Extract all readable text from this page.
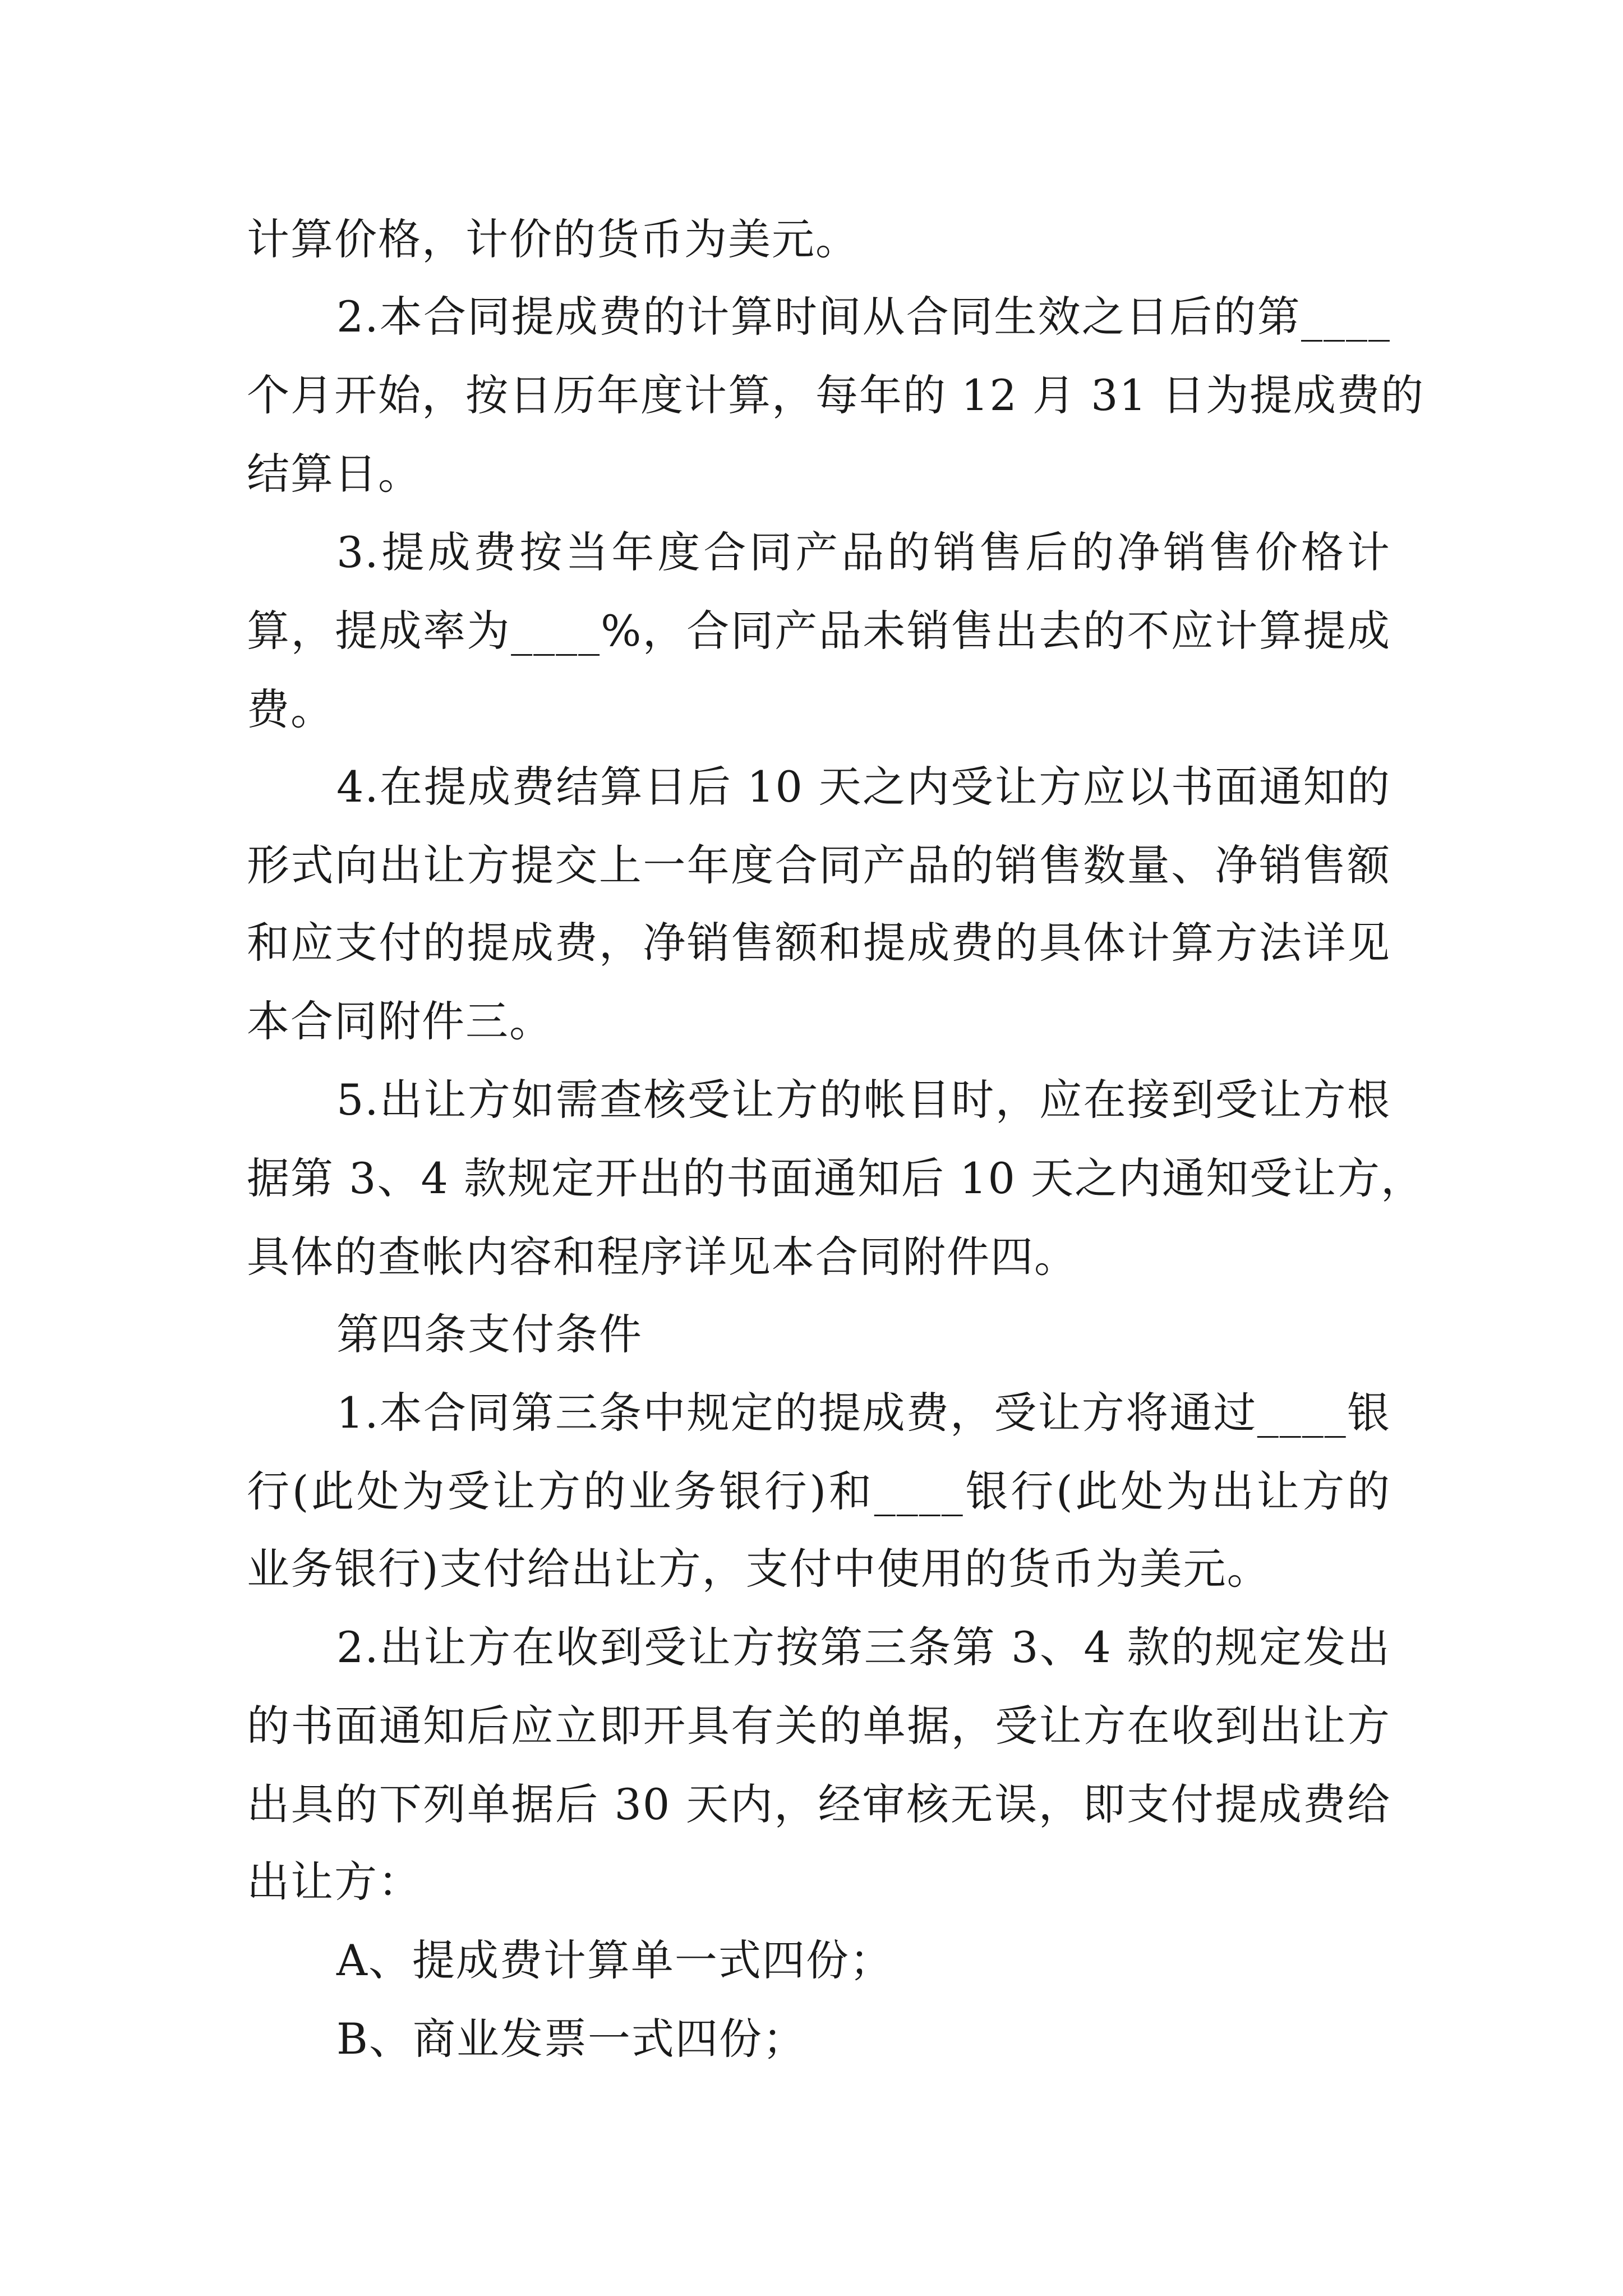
计算价格，计价的货币为美元。
2.本合同提成费的计算时间从合同生效之日后的第____
个月开始，按日历年度计算，每年的 12 月 31 日为提成费的
结算日。
3.提成费按当年度合同产品的销售后的净销售价格计
算，提成率为____%，合同产品未销售出去的不应计算提成
费。
4.在提成费结算日后 10 天之内受让方应以书面通知的
形式向出让方提交上一年度合同产品的销售数量、净销售额
和应支付的提成费，净销售额和提成费的具体计算方法详见
本合同附件三。
5.出让方如需查核受让方的帐目时，应在接到受让方根
据第 3、4 款规定开出的书面通知后 10 天之内通知受让方，
具体的查帐内容和程序详见本合同附件四。
第四条支付条件
1.本合同第三条中规定的提成费，受让方将通过____银
行(此处为受让方的业务银行)和____银行(此处为出让方的
业务银行)支付给出让方，支付中使用的货币为美元。
2.出让方在收到受让方按第三条第 3、4 款的规定发出
的书面通知后应立即开具有关的单据，受让方在收到出让方
出具的下列单据后 30 天内，经审核无误，即支付提成费给
出让方：
A、提成费计算单一式四份；
B、商业发票一式四份；
